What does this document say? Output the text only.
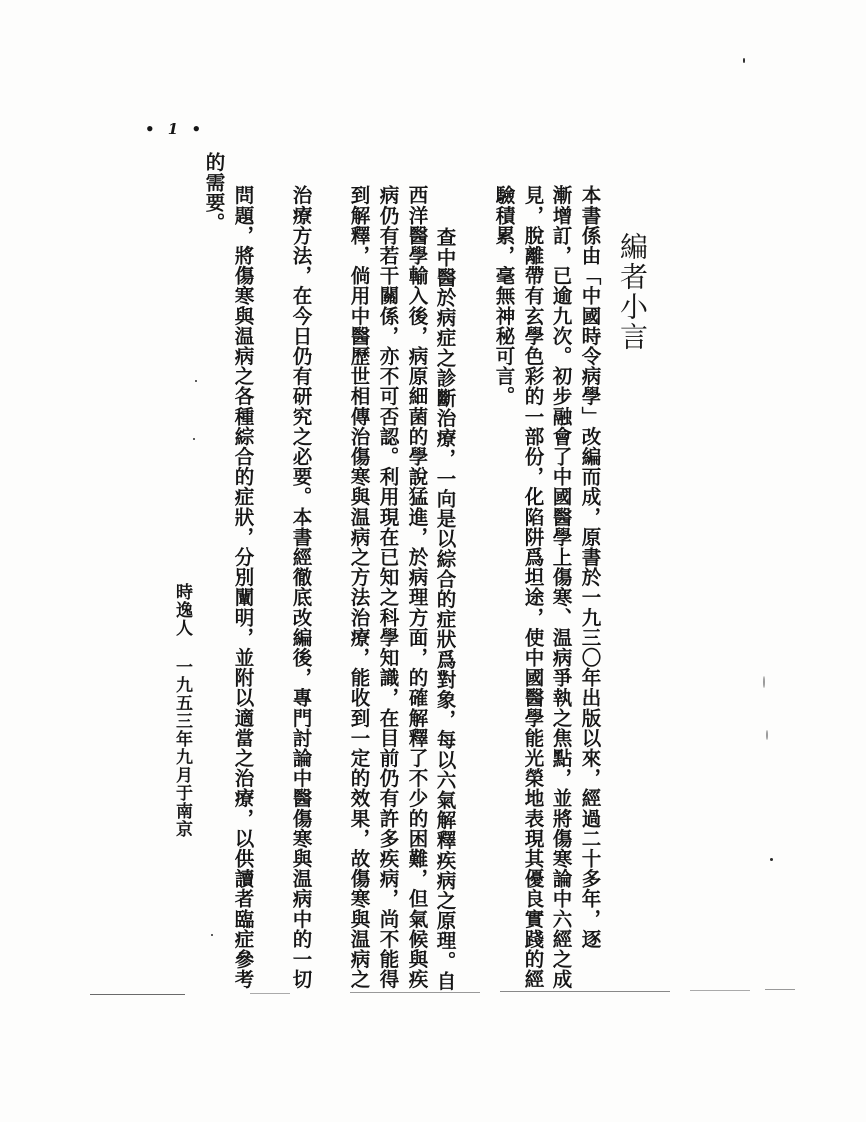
• 1 •
編者小言
本書係由「中國時令病學」改編而成，原書於一九三〇年出版以來，經過二十多年，逐
漸增訂，已逾九次。初步融會了中國醫學上傷寒、温病爭執之焦點，並將傷寒論中六經之成
見，脫離帶有玄學色彩的一部份，化陷阱爲坦途，使中國醫學能光榮地表現其優良實踐的經
驗積累，毫無神秘可言。
查中醫於病症之診斷治療，一向是以綜合的症狀爲對象，每以六氣解釋疾病之原理。自
西洋醫學輸入後，病原細菌的學說猛進，於病理方面，的確解釋了不少的困難，但氣候與疾
病仍有若干關係，亦不可否認。利用現在已知之科學知識，在目前仍有許多疾病，尚不能得
到解釋，倘用中醫歷世相傳治傷寒與温病之方法治療，能收到一定的效果，故傷寒與温病之
治療方法，在今日仍有研究之必要。本書經徹底改編後，專門討論中醫傷寒與温病中的一切
問題，將傷寒與温病之各種綜合的症狀，分別闡明，並附以適當之治療，以供讀者臨症參考
的需要。
時逸人 一九五三年九月于南京
